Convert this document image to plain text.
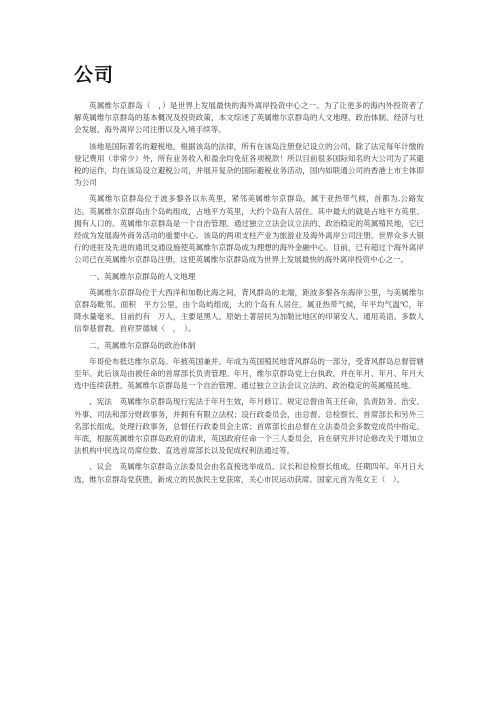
公司

英属维尔京群岛（　，）是世界上发展最快的海外离岸投资中心之一。为了让更多的海内外投资者了解英属维尔京群岛的基本概况及投资政策，本文综述了英属维尔京群岛的人文地理、政治体制、经济与社会发展、海外离岸公司注册以及入境手续等。

该地是国际著名的避税地，根据该岛的法律，所有在该岛注册登记设立的公司，除了法定每年计缴的登记费用（非常少）外，所有业务收入和盈余均免征各项税款！所以目前很多国际知名的大公司为了其避税的运作，均在该岛设立避税公司，并展开复杂的国际避税业务活动，国内如联通公司的香港上市主体即为公司

英属维尔京群岛位于波多黎各以东英里，紧邻美属维尔京群岛，属于亚热带气候，首都为,公路发达。英属维尔京群岛由个岛屿组成，占地平方英里，大约个岛有人居住。其中最大的就是占地平方英里、拥有人口的。英属维尔京群岛是一个自治管理、通过独立立法会议立法的、政治稳定的英属殖民地，它已经成为发展海外商务活动的重要中心。该岛的两项支柱产业为旅游业及海外离岸公司注册。世界众多大银行的进驻及先进的通讯交通设施使英属维尔京群岛成为理想的海外金融中心。目前，已有超过个海外离岸公司已在英属维尔京群岛注册，这使英属维尔京群岛成为世界上发展最快的海外离岸投资中心之一。

一、英属维尔京群岛的人文地理

英属维尔京群岛位于大西洋和加勒比海之间，背风群岛的北端，距波多黎各东海岸公里，与美属维尔京群岛毗邻。面积　平方公里，由个岛屿组成，大的个岛有人居住。属亚热带气候，年平均气温℃，年降水量毫米。目前约有　万人，主要是黑人。原始土著居民为加勒比地区的印第安人。通用英语。多数人信奉基督教。首府罗德城（　，　）。

二、英属维尔京群岛的政治体制

年哥伦布抵达维尔京岛。年被英国兼并。年成为英国殖民地背风群岛的一部分，受背风群岛总督管辖至年。此后该岛由被任命的首席部长负责管理。年月，维尔京群岛党上台执政，并在年月、年月、年月大选中连续获胜。英属维尔京群岛是一个自治管理、通过独立立法会议立法的、政治稳定的英属殖民地。

、宪法　英属维尔京群岛现行宪法于年月生效，年月修订。规定总督由英王任命，负责防务、治安、外事、司法和部分财政事务，并拥有有限立法权；设行政委员会，由总督、总检察长、首席部长和另外三名部长组成，处理行政事务，总督任行政委员会主席；首席部长由总督在立法委员会多数党成员中指定。年底，根据英属维尔京群岛政府的请求，英国政府任命一个三人委员会，旨在研究并讨论修改关于增加立法机构中民选议员席位数、直选首席部长以及促成权利法通过等。

、议会　英属维尔京群岛立法委员会由名直接选举成员、议长和总检察长组成。任期四年。年月日大选，维尔京群岛党获胜，新成立的民族民主党获席，关心市民运动获席。国家元首为英女王（　）。
